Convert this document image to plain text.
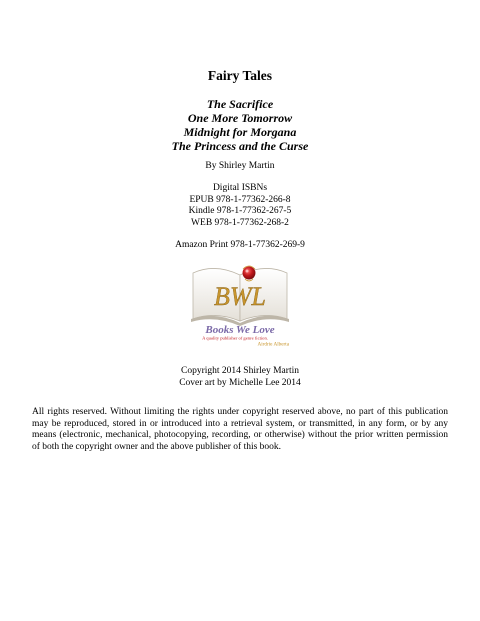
Fairy Tales
The Sacrifice
One More Tomorrow
Midnight for Morgana
The Princess and the Curse
By Shirley Martin
Digital ISBNs
EPUB 978-1-77362-266-8
Kindle 978-1-77362-267-5
WEB 978-1-77362-268-2
Amazon Print 978-1-77362-269-9
BWL
Books We Love
A quality publisher of genre fiction.
Airdrie Alberta
Copyright 2014 Shirley Martin
Cover art by Michelle Lee 2014
All rights reserved. Without limiting the rights under copyright reserved above, no part of this publication may be reproduced, stored in or introduced into a retrieval system, or transmitted, in any form, or by any means (electronic, mechanical, photocopying, recording, or otherwise) without the prior written permission of both the copyright owner and the above publisher of this book.
